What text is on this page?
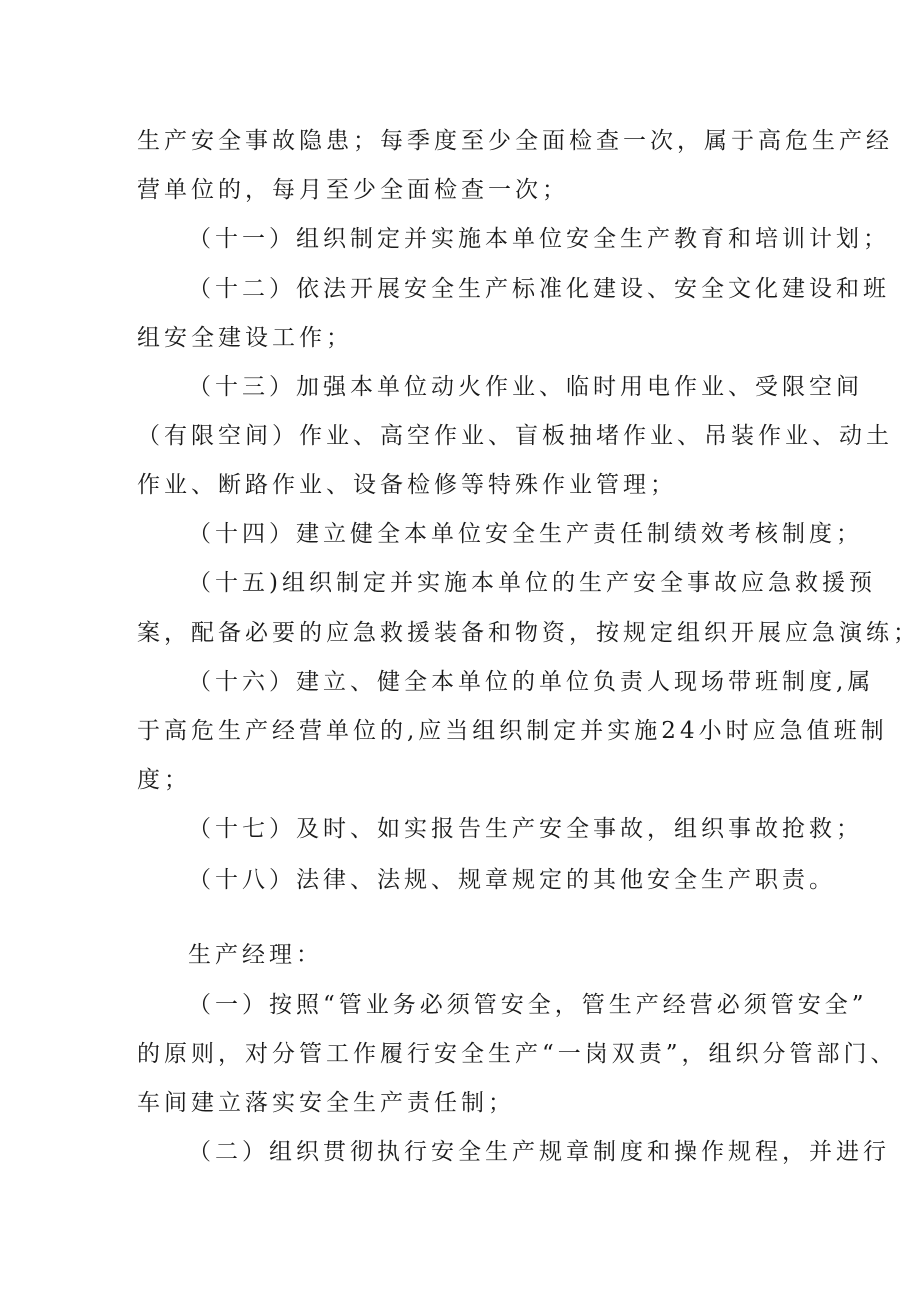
生产安全事故隐患；每季度至少全面检查一次，属于高危生产经
营单位的，每月至少全面检查一次；
（十一）组织制定并实施本单位安全生产教育和培训计划；
（十二）依法开展安全生产标准化建设、安全文化建设和班
组安全建设工作；
（十三）加强本单位动火作业、临时用电作业、受限空间
（有限空间）作业、高空作业、盲板抽堵作业、吊装作业、动土
作业、断路作业、设备检修等特殊作业管理；
（十四）建立健全本单位安全生产责任制绩效考核制度；
（十五)组织制定并实施本单位的生产安全事故应急救援预
案，配备必要的应急救援装备和物资，按规定组织开展应急演练；
（十六）建立、健全本单位的单位负责人现场带班制度,属
于高危生产经营单位的,应当组织制定并实施24小时应急值班制
度；
（十七）及时、如实报告生产安全事故，组织事故抢救；
（十八）法律、法规、规章规定的其他安全生产职责。
生产经理：
（一）按照“管业务必须管安全，管生产经营必须管安全”
的原则，对分管工作履行安全生产“一岗双责”，组织分管部门、
车间建立落实安全生产责任制；
（二）组织贯彻执行安全生产规章制度和操作规程，并进行
